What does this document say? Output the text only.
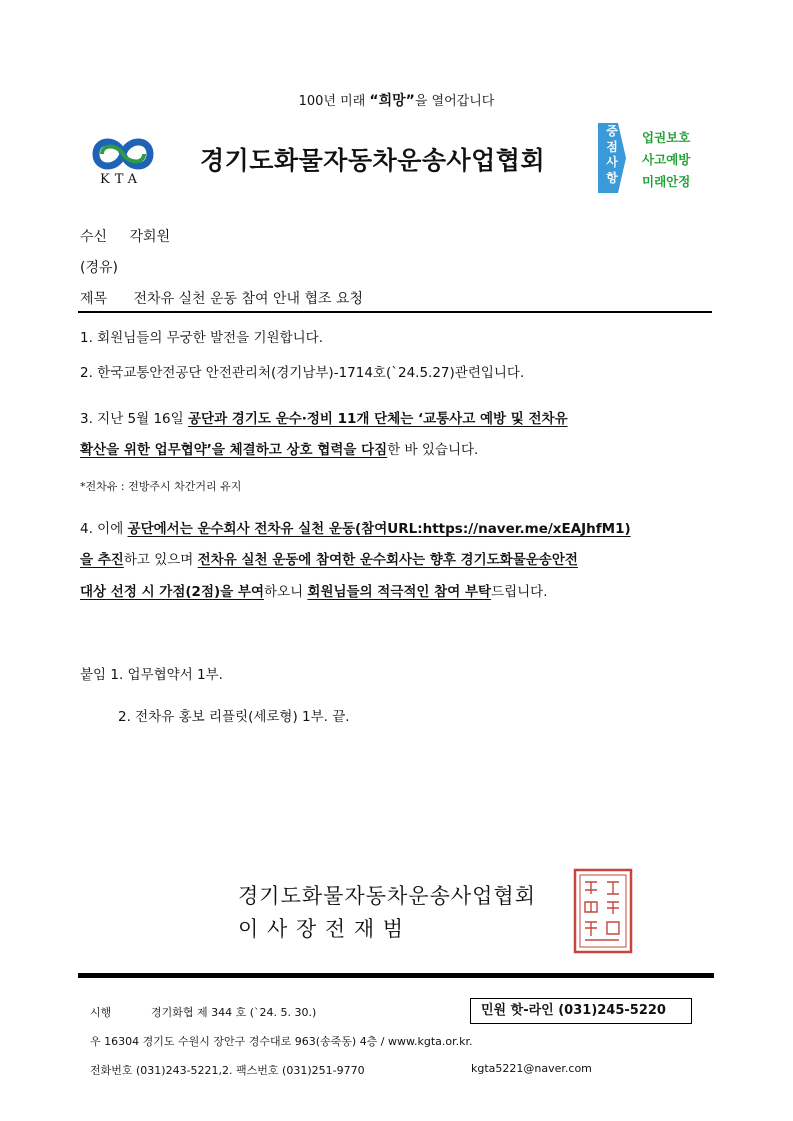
100년 미래 “희망”을 열어갑니다
KTA
경기도화물자동차운송사업협회
중점사항
업권보호
사고예방
미래안정
수신 각회원
(경유)
제목 전차유 실천 운동 참여 안내 협조 요청
1. 회원님들의 무궁한 발전을 기원합니다.
2. 한국교통안전공단 안전관리처(경기남부)-1714호(`24.5.27)관련입니다.
3. 지난 5월 16일 공단과 경기도 운수·정비 11개 단체는 ‘교통사고 예방 및 전차유
확산을 위한 업무협약’을 체결하고 상호 협력을 다짐한 바 있습니다.
*전차유 : 전방주시 차간거리 유지
4. 이에 공단에서는 운수회사 전차유 실천 운동(참여URL:https://naver.me/xEAJhfM1)
을 추진하고 있으며 전차유 실천 운동에 참여한 운수회사는 향후 경기도화물운송안전
대상 선정 시 가점(2점)을 부여하오니 회원님들의 적극적인 참여 부탁드립니다.
붙임 1. 업무협약서 1부.
2. 전차유 홍보 리플릿(세로형) 1부. 끝.
경기도화물자동차운송사업협회
이 사 장 전 재 범
시행	경기화협 제 344 호 (`24. 5. 30.)	민원 핫-라인 (031)245-5220
우 16304 경기도 수원시 장안구 경수대로 963(송죽동) 4층 / www.kgta.or.kr.
전화번호 (031)243-5221,2. 팩스번호 (031)251-9770	kgta5221@naver.com
